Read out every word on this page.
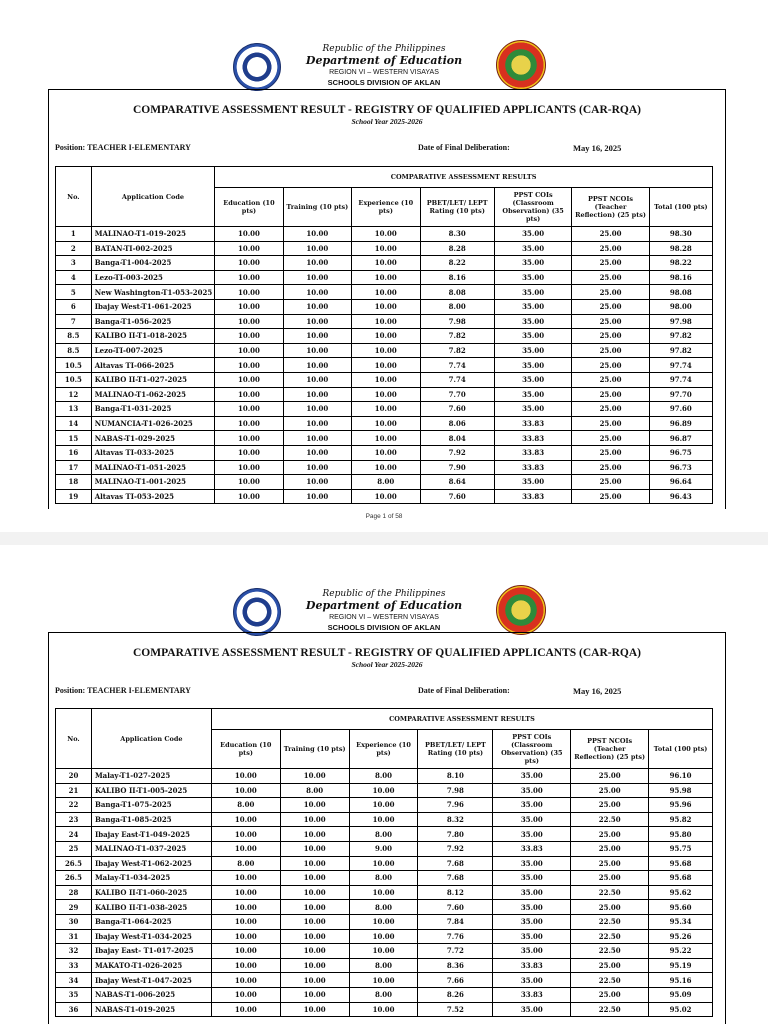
Republic of the Philippines
Department of Education
REGION VI – WESTERN VISAYAS
SCHOOLS DIVISION OF AKLAN
COMPARATIVE ASSESSMENT RESULT - REGISTRY OF QUALIFIED APPLICANTS (CAR-RQA)
School Year 2025-2026
Position: TEACHER I-ELEMENTARY	Date of Final Deliberation:	May 16, 2025
No.	Application Code	COMPARATIVE ASSESSMENT RESULTS						
		Education (10 pts)	Training (10 pts)	Experience (10 pts)	PBET/LET/ LEPT Rating (10 pts)	PPST COIs (Classroom Observation) (35 pts)	PPST NCOIs (Teacher Reflection) (25 pts)	Total (100 pts)
1	MALINAO-T1-019-2025	10.00	10.00	10.00	8.30	35.00	25.00	98.30
2	BATAN-TI-002-2025	10.00	10.00	10.00	8.28	35.00	25.00	98.28
3	Banga-T1-004-2025	10.00	10.00	10.00	8.22	35.00	25.00	98.22
4	Lezo-TI-003-2025	10.00	10.00	10.00	8.16	35.00	25.00	98.16
5	New Washington-T1-053-2025	10.00	10.00	10.00	8.08	35.00	25.00	98.08
6	Ibajay West-T1-061-2025	10.00	10.00	10.00	8.00	35.00	25.00	98.00
7	Banga-T1-056-2025	10.00	10.00	10.00	7.98	35.00	25.00	97.98
8.5	KALIBO II-T1-018-2025	10.00	10.00	10.00	7.82	35.00	25.00	97.82
8.5	Lezo-TI-007-2025	10.00	10.00	10.00	7.82	35.00	25.00	97.82
10.5	Altavas TI-066-2025	10.00	10.00	10.00	7.74	35.00	25.00	97.74
10.5	KALIBO II-T1-027-2025	10.00	10.00	10.00	7.74	35.00	25.00	97.74
12	MALINAO-T1-062-2025	10.00	10.00	10.00	7.70	35.00	25.00	97.70
13	Banga-T1-031-2025	10.00	10.00	10.00	7.60	35.00	25.00	97.60
14	NUMANCIA-T1-026-2025	10.00	10.00	10.00	8.06	33.83	25.00	96.89
15	NABAS-T1-029-2025	10.00	10.00	10.00	8.04	33.83	25.00	96.87
16	Altavas TI-033-2025	10.00	10.00	10.00	7.92	33.83	25.00	96.75
17	MALINAO-T1-051-2025	10.00	10.00	10.00	7.90	33.83	25.00	96.73
18	MALINAO-T1-001-2025	10.00	10.00	8.00	8.64	35.00	25.00	96.64
19	Altavas TI-053-2025	10.00	10.00	10.00	7.60	33.83	25.00	96.43
Page 1 of 58
Republic of the Philippines
Department of Education
REGION VI – WESTERN VISAYAS
SCHOOLS DIVISION OF AKLAN
COMPARATIVE ASSESSMENT RESULT - REGISTRY OF QUALIFIED APPLICANTS (CAR-RQA)
School Year 2025-2026
Position: TEACHER I-ELEMENTARY	Date of Final Deliberation:	May 16, 2025
No.	Application Code	COMPARATIVE ASSESSMENT RESULTS						
		Education (10 pts)	Training (10 pts)	Experience (10 pts)	PBET/LET/ LEPT Rating (10 pts)	PPST COIs (Classroom Observation) (35 pts)	PPST NCOIs (Teacher Reflection) (25 pts)	Total (100 pts)
20	Malay-T1-027-2025	10.00	10.00	8.00	8.10	35.00	25.00	96.10
21	KALIBO II-T1-005-2025	10.00	8.00	10.00	7.98	35.00	25.00	95.98
22	Banga-T1-075-2025	8.00	10.00	10.00	7.96	35.00	25.00	95.96
23	Banga-T1-085-2025	10.00	10.00	10.00	8.32	35.00	22.50	95.82
24	Ibajay East-T1-049-2025	10.00	10.00	8.00	7.80	35.00	25.00	95.80
25	MALINAO-T1-037-2025	10.00	10.00	9.00	7.92	33.83	25.00	95.75
26.5	Ibajay West-T1-062-2025	8.00	10.00	10.00	7.68	35.00	25.00	95.68
26.5	Malay-T1-034-2025	10.00	10.00	8.00	7.68	35.00	25.00	95.68
28	KALIBO II-T1-060-2025	10.00	10.00	10.00	8.12	35.00	22.50	95.62
29	KALIBO II-T1-038-2025	10.00	10.00	8.00	7.60	35.00	25.00	95.60
30	Banga-T1-064-2025	10.00	10.00	10.00	7.84	35.00	22.50	95.34
31	Ibajay West-T1-034-2025	10.00	10.00	10.00	7.76	35.00	22.50	95.26
32	Ibajay East- T1-017-2025	10.00	10.00	10.00	7.72	35.00	22.50	95.22
33	MAKATO-T1-026-2025	10.00	10.00	8.00	8.36	33.83	25.00	95.19
34	Ibajay West-T1-047-2025	10.00	10.00	10.00	7.66	35.00	22.50	95.16
35	NABAS-T1-006-2025	10.00	10.00	8.00	8.26	33.83	25.00	95.09
36	NABAS-T1-019-2025	10.00	10.00	10.00	7.52	35.00	22.50	95.02
